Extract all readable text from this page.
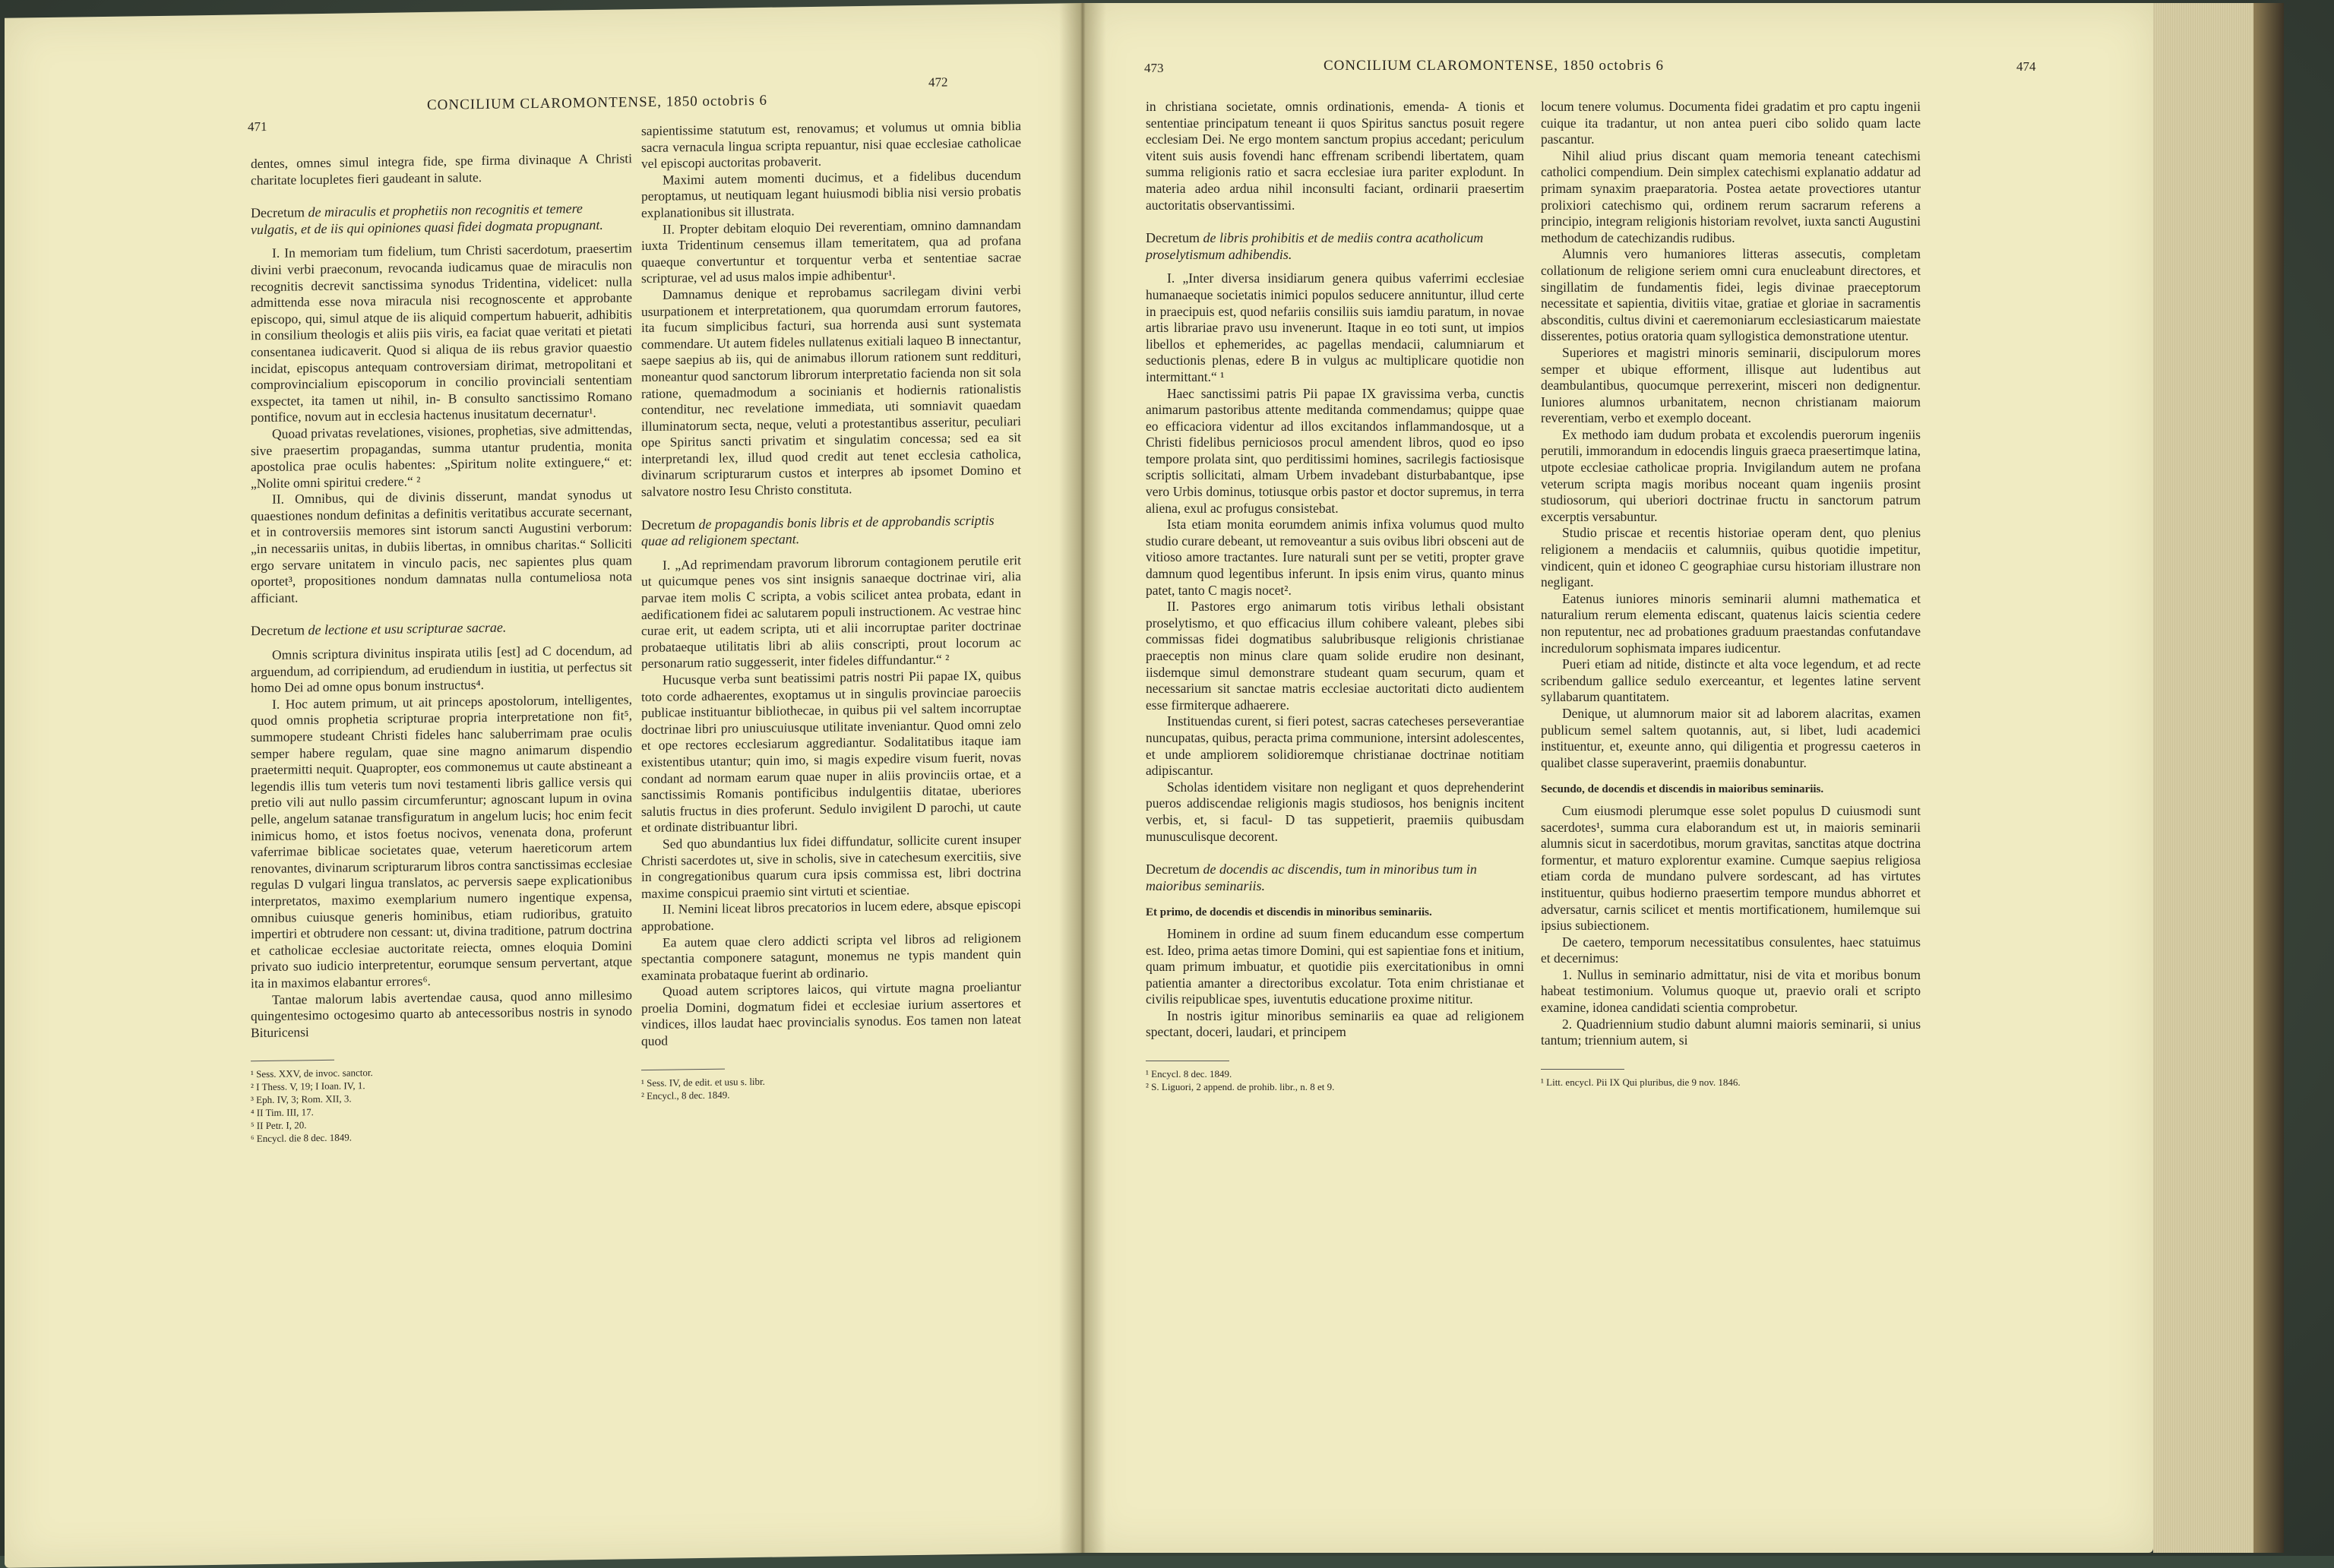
471
CONCILIUM CLAROMONTENSE, 1850 octobris 6
472

dentes, omnes simul integra fide, spe firma divinaque A Christi charitate locupletes fieri gaudeant in salute.

Decretum de miraculis et prophetiis non recognitis et temere vulgatis, et de iis qui opiniones quasi fidei dogmata propugnant.

I. In memoriam tum fidelium, tum Christi sacerdotum, praesertim divini verbi praeconum, revocanda iudicamus quae de miraculis non recognitis decrevit sanctissima synodus Tridentina, videlicet: nulla admittenda esse nova miracula nisi recognoscente et approbante episcopo, qui, simul atque de iis aliquid compertum habuerit, adhibitis in consilium theologis et aliis piis viris, ea faciat quae veritati et pietati consentanea iudicaverit. Quod si aliqua de iis rebus gravior quaestio incidat, episcopus antequam controversiam dirimat, metropolitani et comprovincialium episcoporum in concilio provinciali sententiam exspectet, ita tamen ut nihil, in- B consulto sanctissimo Romano pontifice, novum aut in ecclesia hactenus inusitatum decernatur¹.

Quoad privatas revelationes, visiones, prophetias, sive admittendas, sive praesertim propagandas, summa utantur prudentia, monita apostolica prae oculis habentes: „Spiritum nolite extinguere,“ et: „Nolite omni spiritui credere.“ ²

II. Omnibus, qui de divinis disserunt, mandat synodus ut quaestiones nondum definitas a definitis veritatibus accurate secernant, et in controversiis memores sint istorum sancti Augustini verborum: „in necessariis unitas, in dubiis libertas, in omnibus charitas.“ Solliciti ergo servare unitatem in vinculo pacis, nec sapientes plus quam oportet³, propositiones nondum damnatas nulla contumeliosa nota afficiant.

Decretum de lectione et usu scripturae sacrae.

Omnis scriptura divinitus inspirata utilis [est] ad C docendum, ad arguendum, ad corripiendum, ad erudiendum in iustitia, ut perfectus sit homo Dei ad omne opus bonum instructus⁴.

I. Hoc autem primum, ut ait princeps apostolorum, intelligentes, quod omnis prophetia scripturae propria interpretatione non fit⁵, summopere studeant Christi fideles hanc saluberrimam prae oculis semper habere regulam, quae sine magno animarum dispendio praetermitti nequit. Quapropter, eos commonemus ut caute abstineant a legendis illis tum veteris tum novi testamenti libris gallice versis qui pretio vili aut nullo passim circumferuntur; agnoscant lupum in ovina pelle, angelum satanae transfiguratum in angelum lucis; hoc enim fecit inimicus homo, et istos foetus nocivos, venenata dona, proferunt vaferrimae biblicae societates quae, veterum haereticorum artem renovantes, divinarum scripturarum libros contra sanctissimas ecclesiae regulas D vulgari lingua translatos, ac perversis saepe explicationibus interpretatos, maximo exemplarium numero ingentique expensa, omnibus cuiusque generis hominibus, etiam rudioribus, gratuito impertiri et obtrudere non cessant: ut, divina traditione, patrum doctrina et catholicae ecclesiae auctoritate reiecta, omnes eloquia Domini privato suo iudicio interpretentur, eorumque sensum pervertant, atque ita in maximos elabantur errores⁶.

Tantae malorum labis avertendae causa, quod anno millesimo quingentesimo octogesimo quarto ab antecessoribus nostris in synodo Bituricensi

¹ Sess. XXV, de invoc. sanctor.
² I Thess. V, 19; I Ioan. IV, 1.
³ Eph. IV, 3; Rom. XII, 3.
⁴ II Tim. III, 17.
⁵ II Petr. I, 20.
⁶ Encycl. die 8 dec. 1849.

sapientissime statutum est, renovamus; et volumus ut omnia biblia sacra vernacula lingua scripta repuantur, nisi quae ecclesiae catholicae vel episcopi auctoritas probaverit.

Maximi autem momenti ducimus, et a fidelibus ducendum peroptamus, ut neutiquam legant huiusmodi biblia nisi versio probatis explanationibus sit illustrata.

II. Propter debitam eloquio Dei reverentiam, omnino damnandam iuxta Tridentinum censemus illam temeritatem, qua ad profana quaeque convertuntur et torquentur verba et sententiae sacrae scripturae, vel ad usus malos impie adhibentur¹.

Damnamus denique et reprobamus sacrilegam divini verbi usurpationem et interpretationem, qua quorumdam errorum fautores, ita fucum simplicibus facturi, sua horrenda ausi sunt systemata commendare. Ut autem fideles nullatenus exitiali laqueo B innectantur, saepe saepius ab iis, qui de animabus illorum rationem sunt reddituri, moneantur quod sanctorum librorum interpretatio facienda non sit sola ratione, quemadmodum a socinianis et hodiernis rationalistis contenditur, nec revelatione immediata, uti somniavit quaedam illuminatorum secta, neque, veluti a protestantibus asseritur, peculiari ope Spiritus sancti privatim et singulatim concessa; sed ea sit interpretandi lex, illud quod credit aut tenet ecclesia catholica, divinarum scripturarum custos et interpres ab ipsomet Domino et salvatore nostro Iesu Christo constituta.

Decretum de propagandis bonis libris et de approbandis scriptis quae ad religionem spectant.

I. „Ad reprimendam pravorum librorum contagionem perutile erit ut quicumque penes vos sint insignis sanaeque doctrinae viri, alia parvae item molis C scripta, a vobis scilicet antea probata, edant in aedificationem fidei ac salutarem populi instructionem. Ac vestrae hinc curae erit, ut eadem scripta, uti et alii incorruptae pariter doctrinae probataeque utilitatis libri ab aliis conscripti, prout locorum ac personarum ratio suggesserit, inter fideles diffundantur.“ ²

Hucusque verba sunt beatissimi patris nostri Pii papae IX, quibus toto corde adhaerentes, exoptamus ut in singulis provinciae paroeciis publicae instituantur bibliothecae, in quibus pii vel saltem incorruptae doctrinae libri pro uniuscuiusque utilitate inveniantur. Quod omni zelo et ope rectores ecclesiarum aggrediantur. Sodalitatibus itaque iam existentibus utantur; quin imo, si magis expedire visum fuerit, novas condant ad normam earum quae nuper in aliis provinciis ortae, et a sanctissimis Romanis pontificibus indulgentiis ditatae, uberiores salutis fructus in dies proferunt. Sedulo invigilent D parochi, ut caute et ordinate distribuantur libri.

Sed quo abundantius lux fidei diffundatur, sollicite curent insuper Christi sacerdotes ut, sive in scholis, sive in catechesum exercitiis, sive in congregationibus quarum cura ipsis commissa est, libri doctrina maxime conspicui praemio sint virtuti et scientiae.

II. Nemini liceat libros precatorios in lucem edere, absque episcopi approbatione.

Ea autem quae clero addicti scripta vel libros ad religionem spectantia componere satagunt, monemus ne typis mandent quin examinata probataque fuerint ab ordinario.

Quoad autem scriptores laicos, qui virtute magna proeliantur proelia Domini, dogmatum fidei et ecclesiae iurium assertores et vindices, illos laudat haec provincialis synodus. Eos tamen non lateat quod

¹ Sess. IV, de edit. et usu s. libr.
² Encycl., 8 dec. 1849.
473	CONCILIUM CLAROMONTENSE, 1850 octobris 6	474

in christiana societate, omnis ordinationis, emenda- A tionis et sententiae principatum teneant ii quos Spiritus sanctus posuit regere ecclesiam Dei. Ne ergo montem sanctum propius accedant; periculum vitent suis ausis fovendi hanc effrenam scribendi libertatem, quam summa religionis ratio et sacra ecclesiae iura pariter explodunt. In materia adeo ardua nihil inconsulti faciant, ordinarii praesertim auctoritatis observantissimi.

Decretum de libris prohibitis et de mediis contra acatholicum proselytismum adhibendis.

I. „Inter diversa insidiarum genera quibus vaferrimi ecclesiae humanaeque societatis inimici populos seducere annituntur, illud certe in praecipuis est, quod nefariis consiliis suis iamdiu paratum, in novae artis librariae pravo usu invenerunt. Itaque in eo toti sunt, ut impios libellos et ephemerides, ac pagellas mendacii, calumniarum et seductionis plenas, edere B in vulgus ac multiplicare quotidie non intermittant.“ ¹

Haec sanctissimi patris Pii papae IX gravissima verba, cunctis animarum pastoribus attente meditanda commendamus; quippe quae eo efficaciora videntur ad illos excitandos inflammandosque, ut a Christi fidelibus perniciosos procul amendent libros, quod eo ipso tempore prolata sint, quo perditissimi homines, sacrilegis factiosisque scriptis sollicitati, almam Urbem invadebant disturbabantque, ipse vero Urbis dominus, totiusque orbis pastor et doctor supremus, in terra aliena, exul ac profugus consistebat.

Ista etiam monita eorumdem animis infixa volumus quod multo studio curare debeant, ut removeantur a suis ovibus libri obsceni aut de vitioso amore tractantes. Iure naturali sunt per se vetiti, propter grave damnum quod legentibus inferunt. In ipsis enim virus, quanto minus patet, tanto C magis nocet².

II. Pastores ergo animarum totis viribus lethali obsistant proselytismo, et quo efficacius illum cohibere valeant, plebes sibi commissas fidei dogmatibus salubribusque religionis christianae praeceptis non minus clare quam solide erudire non desinant, iisdemque simul demonstrare studeant quam securum, quam et necessarium sit sanctae matris ecclesiae auctoritati dicto audientem esse firmiterque adhaerere.

Instituendas curent, si fieri potest, sacras catecheses perseverantiae nuncupatas, quibus, peracta prima communione, intersint adolescentes, et unde ampliorem solidioremque christianae doctrinae notitiam adipiscantur.

Scholas identidem visitare non negligant et quos deprehenderint pueros addiscendae religionis magis studiosos, hos benignis incitent verbis, et, si facul- D tas suppetierit, praemiis quibusdam munusculisque decorent.

Decretum de docendis ac discendis, tum in minoribus tum in maioribus seminariis.
Et primo, de docendis et discendis in minoribus seminariis.

Hominem in ordine ad suum finem educandum esse compertum est. Ideo, prima aetas timore Domini, qui est sapientiae fons et initium, quam primum imbuatur, et quotidie piis exercitationibus in omni patientia amanter a directoribus excolatur. Tota enim christianae et civilis reipublicae spes, iuventutis educatione proxime nititur.

In nostris igitur minoribus seminariis ea quae ad religionem spectant, doceri, laudari, et principem

¹ Encycl. 8 dec. 1849.
² S. Liguori, 2 append. de prohib. libr., n. 8 et 9.

locum tenere volumus. Documenta fidei gradatim et pro captu ingenii cuique ita tradantur, ut non antea pueri cibo solido quam lacte pascantur.

Nihil aliud prius discant quam memoria teneant catechismi catholici compendium. Dein simplex catechismi explanatio addatur ad primam synaxim praeparatoria. Postea aetate provectiores utantur prolixiori catechismo qui, ordinem rerum sacrarum referens a principio, integram religionis historiam revolvet, iuxta sancti Augustini methodum de catechizandis rudibus.

Alumnis vero humaniores litteras assecutis, completam collationum de religione seriem omni cura enucleabunt directores, et singillatim de fundamentis fidei, legis divinae praeceptorum necessitate et sapientia, divitiis vitae, gratiae et gloriae in sacramentis absconditis, cultus divini et caeremoniarum ecclesiasticarum maiestate disserentes, potius oratoria quam syllogistica demonstratione utentur.

Superiores et magistri minoris seminarii, discipulorum mores semper et ubique efforment, illisque aut ludentibus aut deambulantibus, quocumque perrexerint, misceri non dedignentur. Iuniores alumnos urbanitatem, necnon christianam maiorum reverentiam, verbo et exemplo doceant.

Ex methodo iam dudum probata et excolendis puerorum ingeniis perutili, immorandum in edocendis linguis graeca praesertimque latina, utpote ecclesiae catholicae propria. Invigilandum autem ne profana veterum scripta magis moribus noceant quam ingeniis prosint studiosorum, qui uberiori doctrinae fructu in sanctorum patrum excerptis versabuntur.

Studio priscae et recentis historiae operam dent, quo plenius religionem a mendaciis et calumniis, quibus quotidie impetitur, vindicent, quin et idoneo C geographiae cursu historiam illustrare non negligant.

Eatenus iuniores minoris seminarii alumni mathematica et naturalium rerum elementa ediscant, quatenus laicis scientia cedere non reputentur, nec ad probationes graduum praestandas confutandave incredulorum sophismata impares iudicentur.

Pueri etiam ad nitide, distincte et alta voce legendum, et ad recte scribendum gallice sedulo exerceantur, et legentes latine servent syllabarum quantitatem.

Denique, ut alumnorum maior sit ad laborem alacritas, examen publicum semel saltem quotannis, aut, si libet, ludi academici instituentur, et, exeunte anno, qui diligentia et progressu caeteros in qualibet classe superaverint, praemiis donabuntur.

Secundo, de docendis et discendis in maioribus seminariis.

Cum eiusmodi plerumque esse solet populus D cuiusmodi sunt sacerdotes¹, summa cura elaborandum est ut, in maioris seminarii alumnis sicut in sacerdotibus, morum gravitas, sanctitas atque doctrina formentur, et maturo explorentur examine. Cumque saepius religiosa etiam corda de mundano pulvere sordescant, ad has virtutes instituentur, quibus hodierno praesertim tempore mundus abhorret et adversatur, carnis scilicet et mentis mortificationem, humilemque sui ipsius subiectionem.

De caetero, temporum necessitatibus consulentes, haec statuimus et decernimus:

1. Nullus in seminario admittatur, nisi de vita et moribus bonum habeat testimonium. Volumus quoque ut, praevio orali et scripto examine, idonea candidati scientia comprobetur.

2. Quadriennium studio dabunt alumni maioris seminarii, si unius tantum; triennium autem, si

¹ Litt. encycl. Pii IX Qui pluribus, die 9 nov. 1846.
